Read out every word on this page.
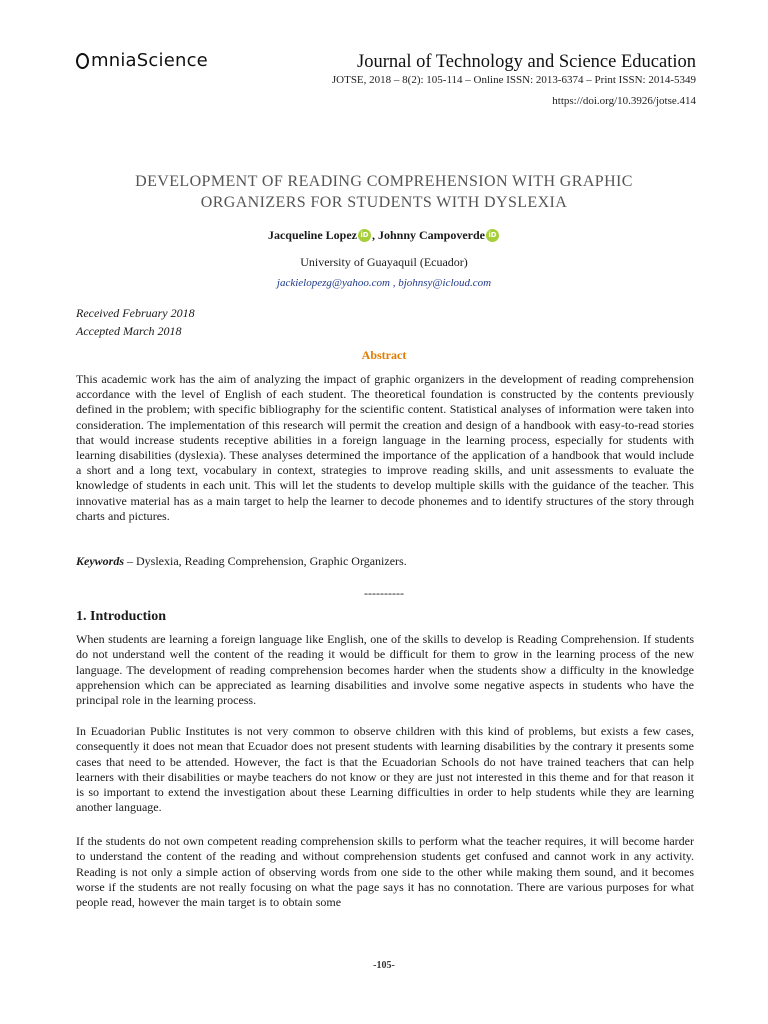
mniaScience	Journal of Technology and Science Education
JOTSE, 2018 – 8(2): 105-114 – Online ISSN: 2013-6374 – Print ISSN: 2014-5349
https://doi.org/10.3926/jotse.414
DEVELOPMENT OF READING COMPREHENSION WITH GRAPHIC
ORGANIZERS FOR STUDENTS WITH DYSLEXIA
Jacqueline Lopez iD , Johnny Campoverde iD
University of Guayaquil (Ecuador)
jackielopezg@yahoo.com , bjohnsy@icloud.com
Received February 2018
Accepted March 2018
Abstract
This academic work has the aim of analyzing the impact of graphic organizers in the development of reading comprehension accordance with the level of English of each student. The theoretical foundation is constructed by the contents previously defined in the problem; with specific bibliography for the scientific content. Statistical analyses of information were taken into consideration. The implementation of this research will permit the creation and design of a handbook with easy-to-read stories that would increase students receptive abilities in a foreign language in the learning process, especially for students with learning disabilities (dyslexia). These analyses determined the importance of the application of a handbook that would include a short and a long text, vocabulary in context, strategies to improve reading skills, and unit assessments to evaluate the knowledge of students in each unit. This will let the students to develop multiple skills with the guidance of the teacher. This innovative material has as a main target to help the learner to decode phonemes and to identify structures of the story through charts and pictures.
Keywords – Dyslexia, Reading Comprehension, Graphic Organizers.
----------
1. Introduction
When students are learning a foreign language like English, one of the skills to develop is Reading Comprehension. If students do not understand well the content of the reading it would be difficult for them to grow in the learning process of the new language. The development of reading comprehension becomes harder when the students show a difficulty in the knowledge apprehension which can be appreciated as learning disabilities and involve some negative aspects in students who have the principal role in the learning process.
In Ecuadorian Public Institutes is not very common to observe children with this kind of problems, but exists a few cases, consequently it does not mean that Ecuador does not present students with learning disabilities by the contrary it presents some cases that need to be attended. However, the fact is that the Ecuadorian Schools do not have trained teachers that can help learners with their disabilities or maybe teachers do not know or they are just not interested in this theme and for that reason it is so important to extend the investigation about these Learning difficulties in order to help students while they are learning another language.
If the students do not own competent reading comprehension skills to perform what the teacher requires, it will become harder to understand the content of the reading and without comprehension students get confused and cannot work in any activity. Reading is not only a simple action of observing words from one side to the other while making them sound, and it becomes worse if the students are not really focusing on what the page says it has no connotation. There are various purposes for what people read, however the main target is to obtain some
-105-
